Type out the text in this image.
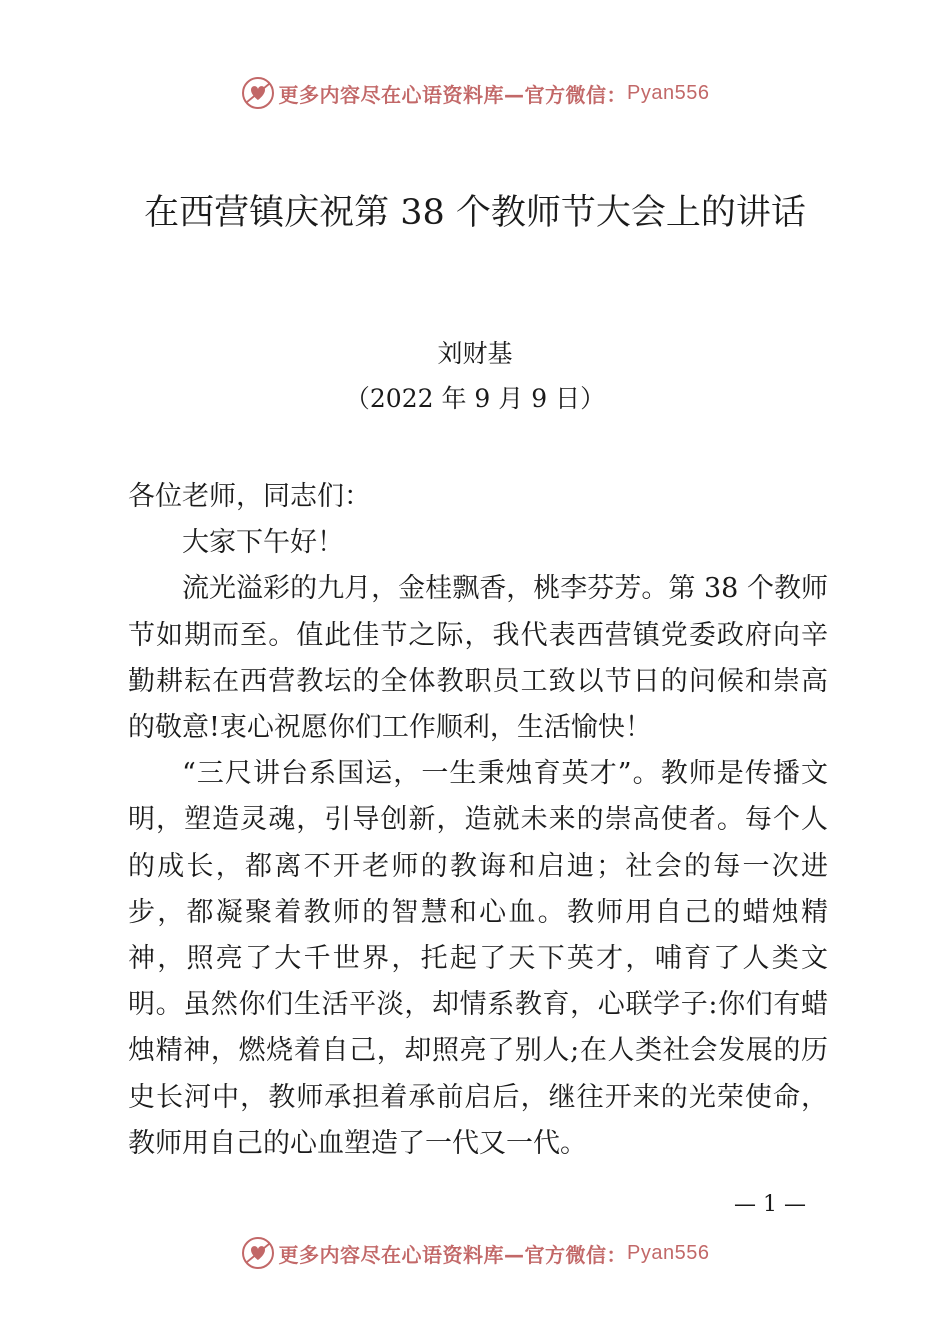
更多内容尽在心语资料库—官方微信： Pyan556
在西营镇庆祝第 38 个教师节大会上的讲话
刘财基
（2022 年 9 月 9 日）

各位老师，同志们：

大家下午好！

流光溢彩的九月，金桂飘香，桃李芬芳。第 38 个教师节如期而至。值此佳节之际，我代表西营镇党委政府向辛勤耕耘在西营教坛的全体教职员工致以节日的问候和崇高的敬意!衷心祝愿你们工作顺利，生活愉快！

“三尺讲台系国运，一生秉烛育英才”。教师是传播文明，塑造灵魂，引导创新，造就未来的崇高使者。每个人的成长，都离不开老师的教诲和启迪；社会的每一次进步，都凝聚着教师的智慧和心血。教师用自己的蜡烛精神，照亮了大千世界，托起了天下英才，哺育了人类文明。虽然你们生活平淡，却情系教育，心联学子:你们有蜡烛精神，燃烧着自己，却照亮了别人;在人类社会发展的历史长河中，教师承担着承前启后，继往开来的光荣使命，教师用自己的心血塑造了一代又一代。

— 1 —
更多内容尽在心语资料库—官方微信： Pyan556
